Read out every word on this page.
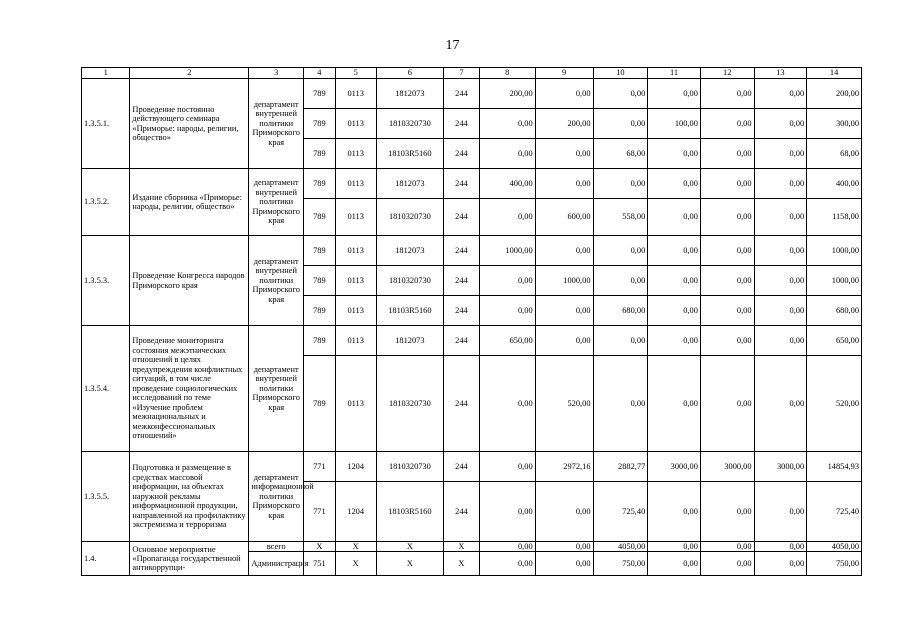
17
1	2	3	4	5	6	7	8	9	10	11	12	13	14
1.3.5.1.	Проведение постоянно действующего семинара «Приморье: народы, религии, общество»	департамент внутренней политики Приморского края	789	0113	1812073	244	200,00	0,00	0,00	0,00	0,00	0,00	200,00
			789	0113	1810320730	244	0,00	200,00	0,00	100,00	0,00	0,00	300,00
			789	0113	18103R5160	244	0,00	0,00	68,00	0,00	0,00	0,00	68,00
1.3.5.2.	Издание сборника «Приморье: народы, религии, общество»	департамент внутренней политики Приморского края	789	0113	1812073	244	400,00	0,00	0,00	0,00	0,00	0,00	400,00
			789	0113	1810320730	244	0,00	600,00	558,00	0,00	0,00	0,00	1158,00
1.3.5.3.	Проведение Конгресса народов Приморского края	департамент внутренней политики Приморского края	789	0113	1812073	244	1000,00	0,00	0,00	0,00	0,00	0,00	1000,00
			789	0113	1810320730	244	0,00	1000,00	0,00	0,00	0,00	0,00	1000,00
			789	0113	18103R5160	244	0,00	0,00	680,00	0,00	0,00	0,00	680,00
1.3.5.4.	Проведение мониторинга состояния межэтнических отношений в целях предупреждения конфликтных ситуаций, в том числе проведение социологических исследований по теме «Изучение проблем межнациональных и межконфессиональных отношений»	департамент внутренней политики Приморского края	789	0113	1812073	244	650,00	0,00	0,00	0,00	0,00	0,00	650,00
			789	0113	1810320730	244	0,00	520,00	0,00	0,00	0,00	0,00	520,00
1.3.5.5.	Подготовка и размещение в средствах массовой информации, на объектах наружной рекламы информационной продукции, направленной на профилактику экстремизма и терроризма	департамент информационной политики Приморского края	771	1204	1810320730	244	0,00	2972,16	2882,77	3000,00	3000,00	3000,00	14854,93
			771	1204	18103R5160	244	0,00	0,00	725,40	0,00	0,00	0,00	725,40
1.4.	Основное мероприятие «Пропаганда государственной антикоррупци-	всего	X	X	X	X	0,00	0,00	4050,00	0,00	0,00	0,00	4050,00
		Администрация	751	X	X	X	0,00	0,00	750,00	0,00	0,00	0,00	750,00
